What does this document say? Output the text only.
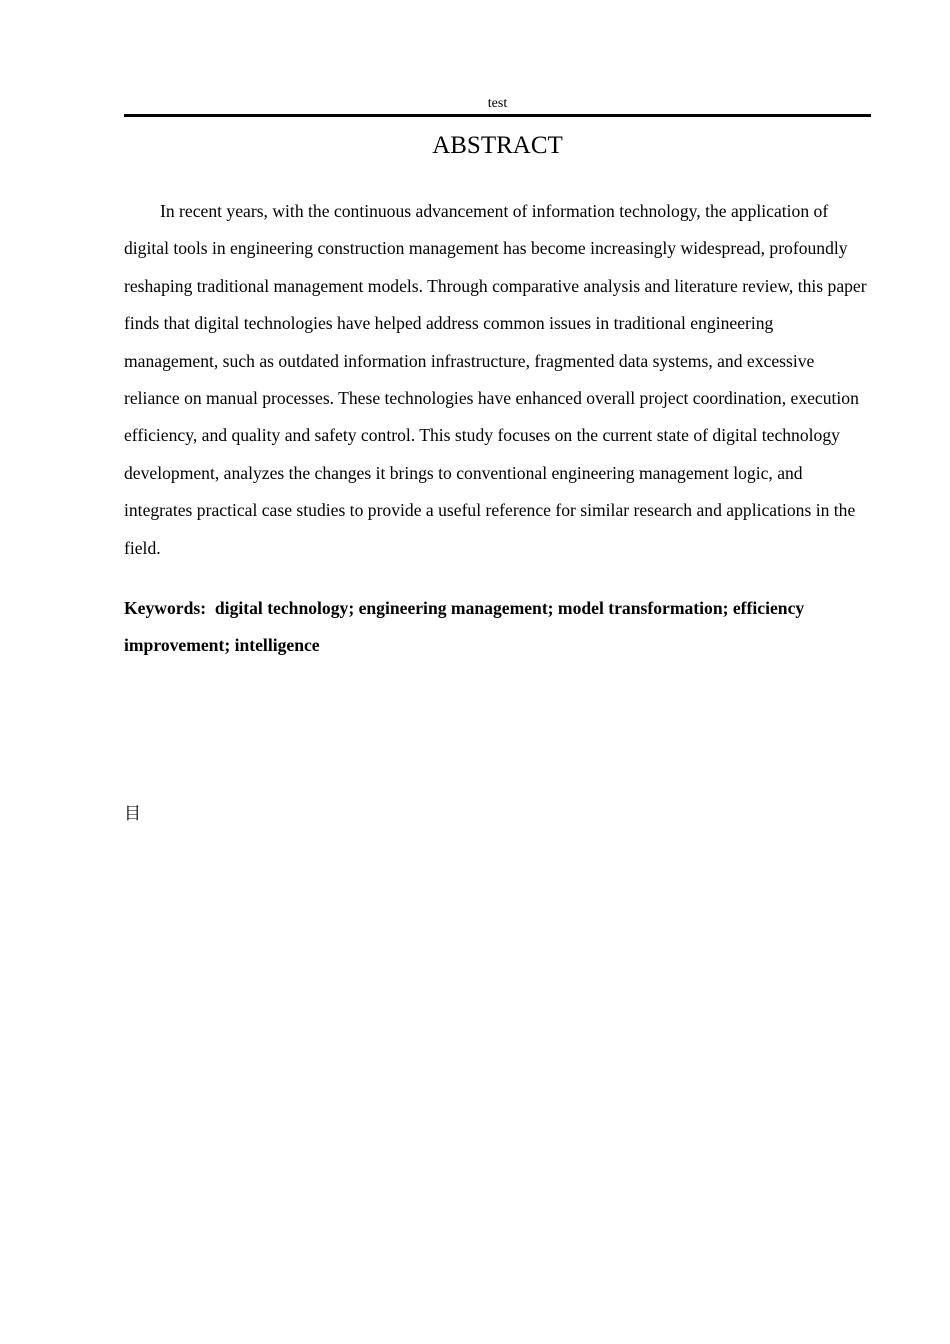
test
ABSTRACT

In recent years, with the continuous advancement of information technology, the application of digital tools in engineering construction management has become increasingly widespread, profoundly reshaping traditional management models. Through comparative analysis and literature review, this paper finds that digital technologies have helped address common issues in traditional engineering management, such as outdated information infrastructure, fragmented data systems, and excessive reliance on manual processes. These technologies have enhanced overall project coordination, execution efficiency, and quality and safety control. This study focuses on the current state of digital technology development, analyzes the changes it brings to conventional engineering management logic, and integrates practical case studies to provide a useful reference for similar research and applications in the field.

Keywords:  digital technology; engineering management; model transformation; efficiency improvement; intelligence

目
